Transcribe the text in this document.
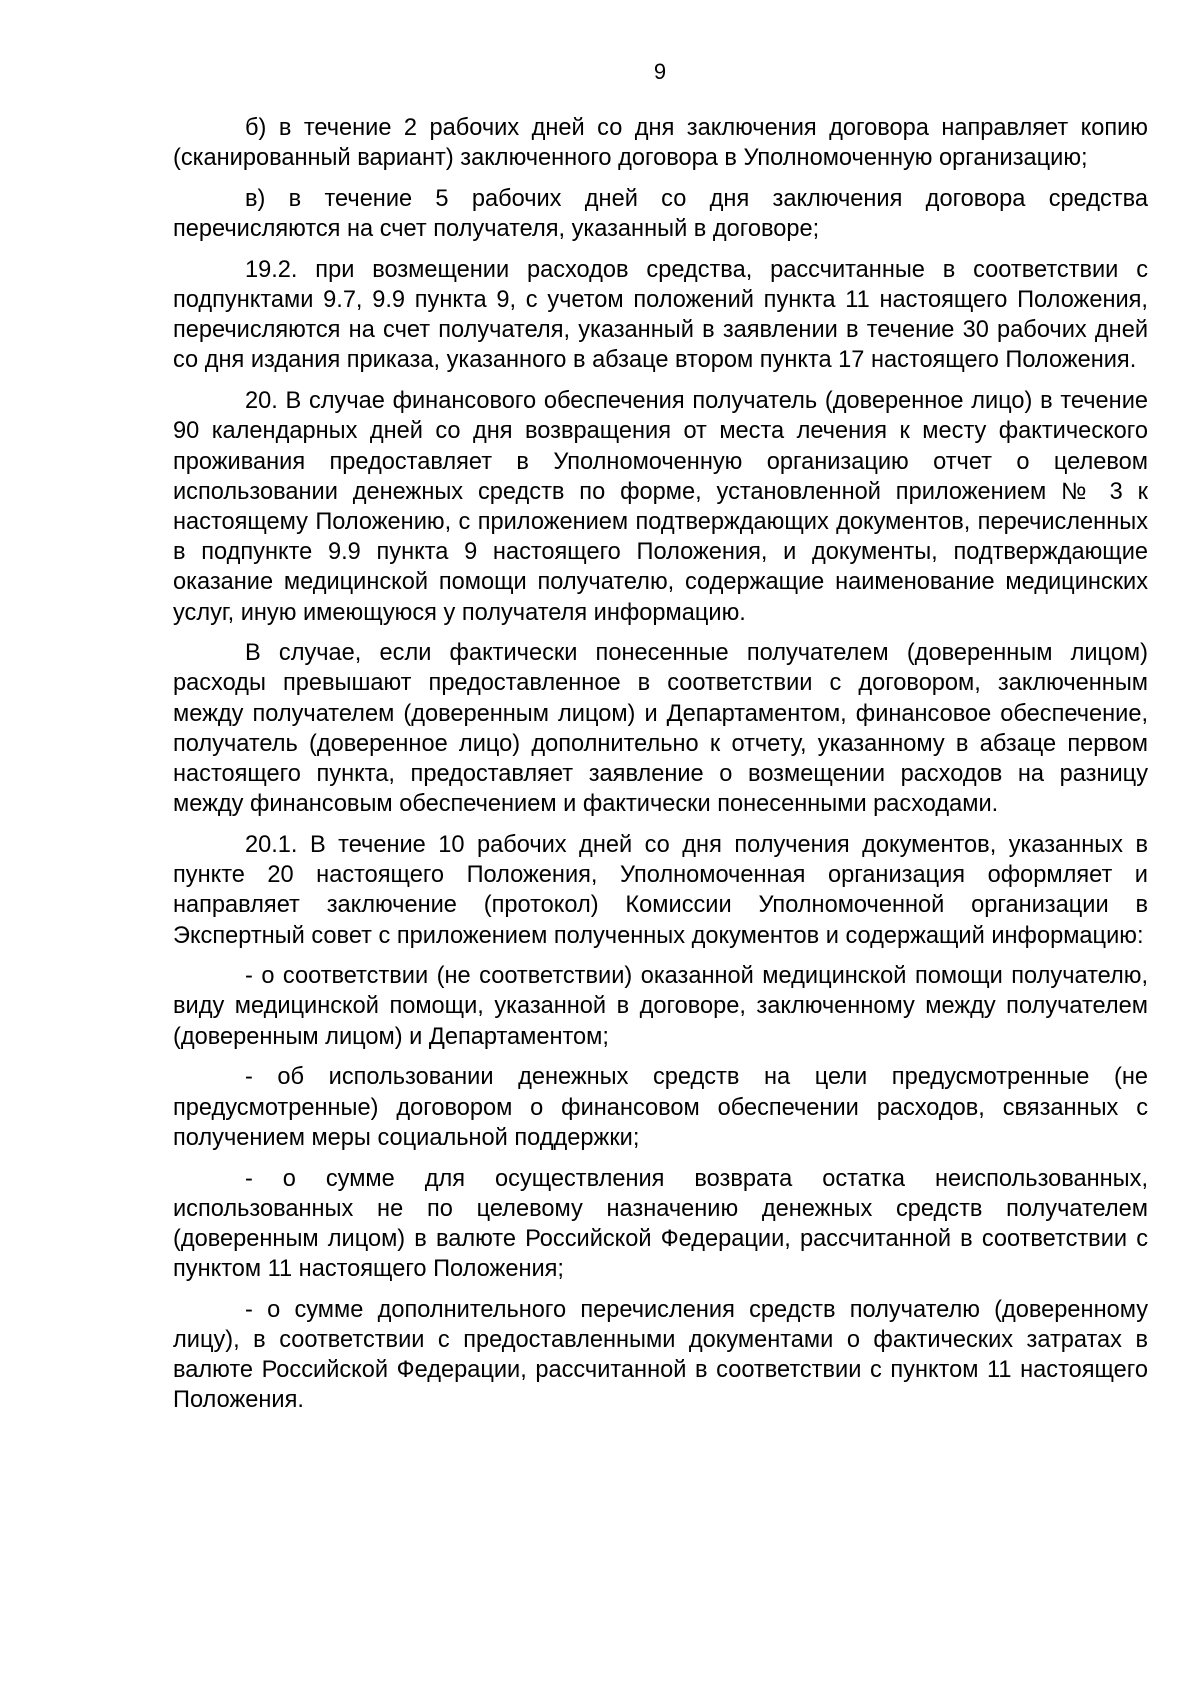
9

б) в течение 2 рабочих дней со дня заключения договора направляет копию (сканированный вариант) заключенного договора в Уполномоченную организацию;

в) в течение 5 рабочих дней со дня заключения договора средства перечисляются на счет получателя, указанный в договоре;

19.2. при возмещении расходов средства, рассчитанные в соответствии с подпунктами 9.7, 9.9 пункта 9, с учетом положений пункта 11 настоящего Положения, перечисляются на счет получателя, указанный в заявлении в течение 30 рабочих дней со дня издания приказа, указанного в абзаце втором пункта 17 настоящего Положения.

20. В случае финансового обеспечения получатель (доверенное лицо) в течение 90 календарных дней со дня возвращения от места лечения к месту фактического проживания предоставляет в Уполномоченную организацию отчет о целевом использовании денежных средств по форме, установленной приложением № 3 к настоящему Положению, с приложением подтверждающих документов, перечисленных в подпункте 9.9 пункта 9 настоящего Положения, и документы, подтверждающие оказание медицинской помощи получателю, содержащие наименование медицинских услуг, иную имеющуюся у получателя информацию.

В случае, если фактически понесенные получателем (доверенным лицом) расходы превышают предоставленное в соответствии с договором, заключенным между получателем (доверенным лицом) и Департаментом, финансовое обеспечение, получатель (доверенное лицо) дополнительно к отчету, указанному в абзаце первом настоящего пункта, предоставляет заявление о возмещении расходов на разницу между финансовым обеспечением и фактически понесенными расходами.

20.1. В течение 10 рабочих дней со дня получения документов, указанных в пункте 20 настоящего Положения, Уполномоченная организация оформляет и направляет заключение (протокол) Комиссии Уполномоченной организации в Экспертный совет с приложением полученных документов и содержащий информацию:

- о соответствии (не соответствии) оказанной медицинской помощи получателю, виду медицинской помощи, указанной в договоре, заключенному между получателем (доверенным лицом) и Департаментом;

- об использовании денежных средств на цели предусмотренные (не предусмотренные) договором о финансовом обеспечении расходов, связанных с получением меры социальной поддержки;

- о сумме для осуществления возврата остатка неиспользованных, использованных не по целевому назначению денежных средств получателем (доверенным лицом) в валюте Российской Федерации, рассчитанной в соответствии с пунктом 11 настоящего Положения;

- о сумме дополнительного перечисления средств получателю (доверенному лицу), в соответствии с предоставленными документами о фактических затратах в валюте Российской Федерации, рассчитанной в соответствии с пунктом 11 настоящего Положения.
